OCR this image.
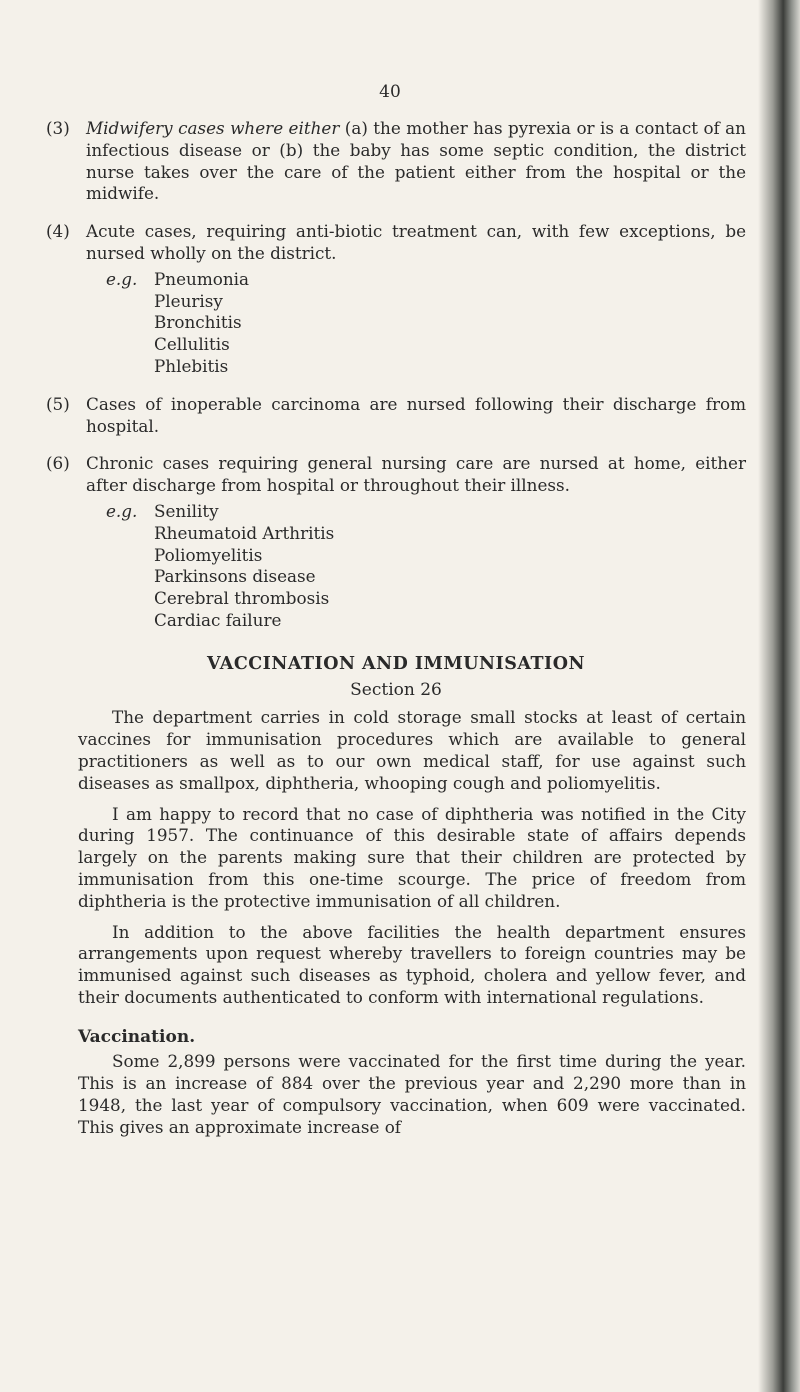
40
(3) Midwifery cases where either (a) the mother has pyrexia or is a contact of an infectious disease or (b) the baby has some septic condition, the district nurse takes over the care of the patient either from the hospital or the midwife.
(4) Acute cases, requiring anti-biotic treatment can, with few exceptions, be nursed wholly on the district.
e.g. Pneumonia
Pleurisy
Bronchitis
Cellulitis
Phlebitis
(5) Cases of inoperable carcinoma are nursed following their discharge from hospital.
(6) Chronic cases requiring general nursing care are nursed at home, either after discharge from hospital or throughout their illness.
e.g. Senility
Rheumatoid Arthritis
Poliomyelitis
Parkinsons disease
Cerebral thrombosis
Cardiac failure
VACCINATION AND IMMUNISATION
Section 26

The department carries in cold storage small stocks at least of certain vaccines for immunisation procedures which are available to general practitioners as well as to our own medical staff, for use against such diseases as smallpox, diphtheria, whooping cough and poliomyelitis.

I am happy to record that no case of diphtheria was notified in the City during 1957. The continuance of this desirable state of affairs depends largely on the parents making sure that their children are protected by immunisation from this one-time scourge. The price of freedom from diphtheria is the protective immunisation of all children.

In addition to the above facilities the health department ensures arrangements upon request whereby travellers to foreign countries may be immunised against such diseases as typhoid, cholera and yellow fever, and their documents authenticated to conform with international regulations.

Vaccination.

Some 2,899 persons were vaccinated for the first time during the year. This is an increase of 884 over the previous year and 2,290 more than in 1948, the last year of compulsory vaccination, when 609 were vaccinated. This gives an approximate increase of
